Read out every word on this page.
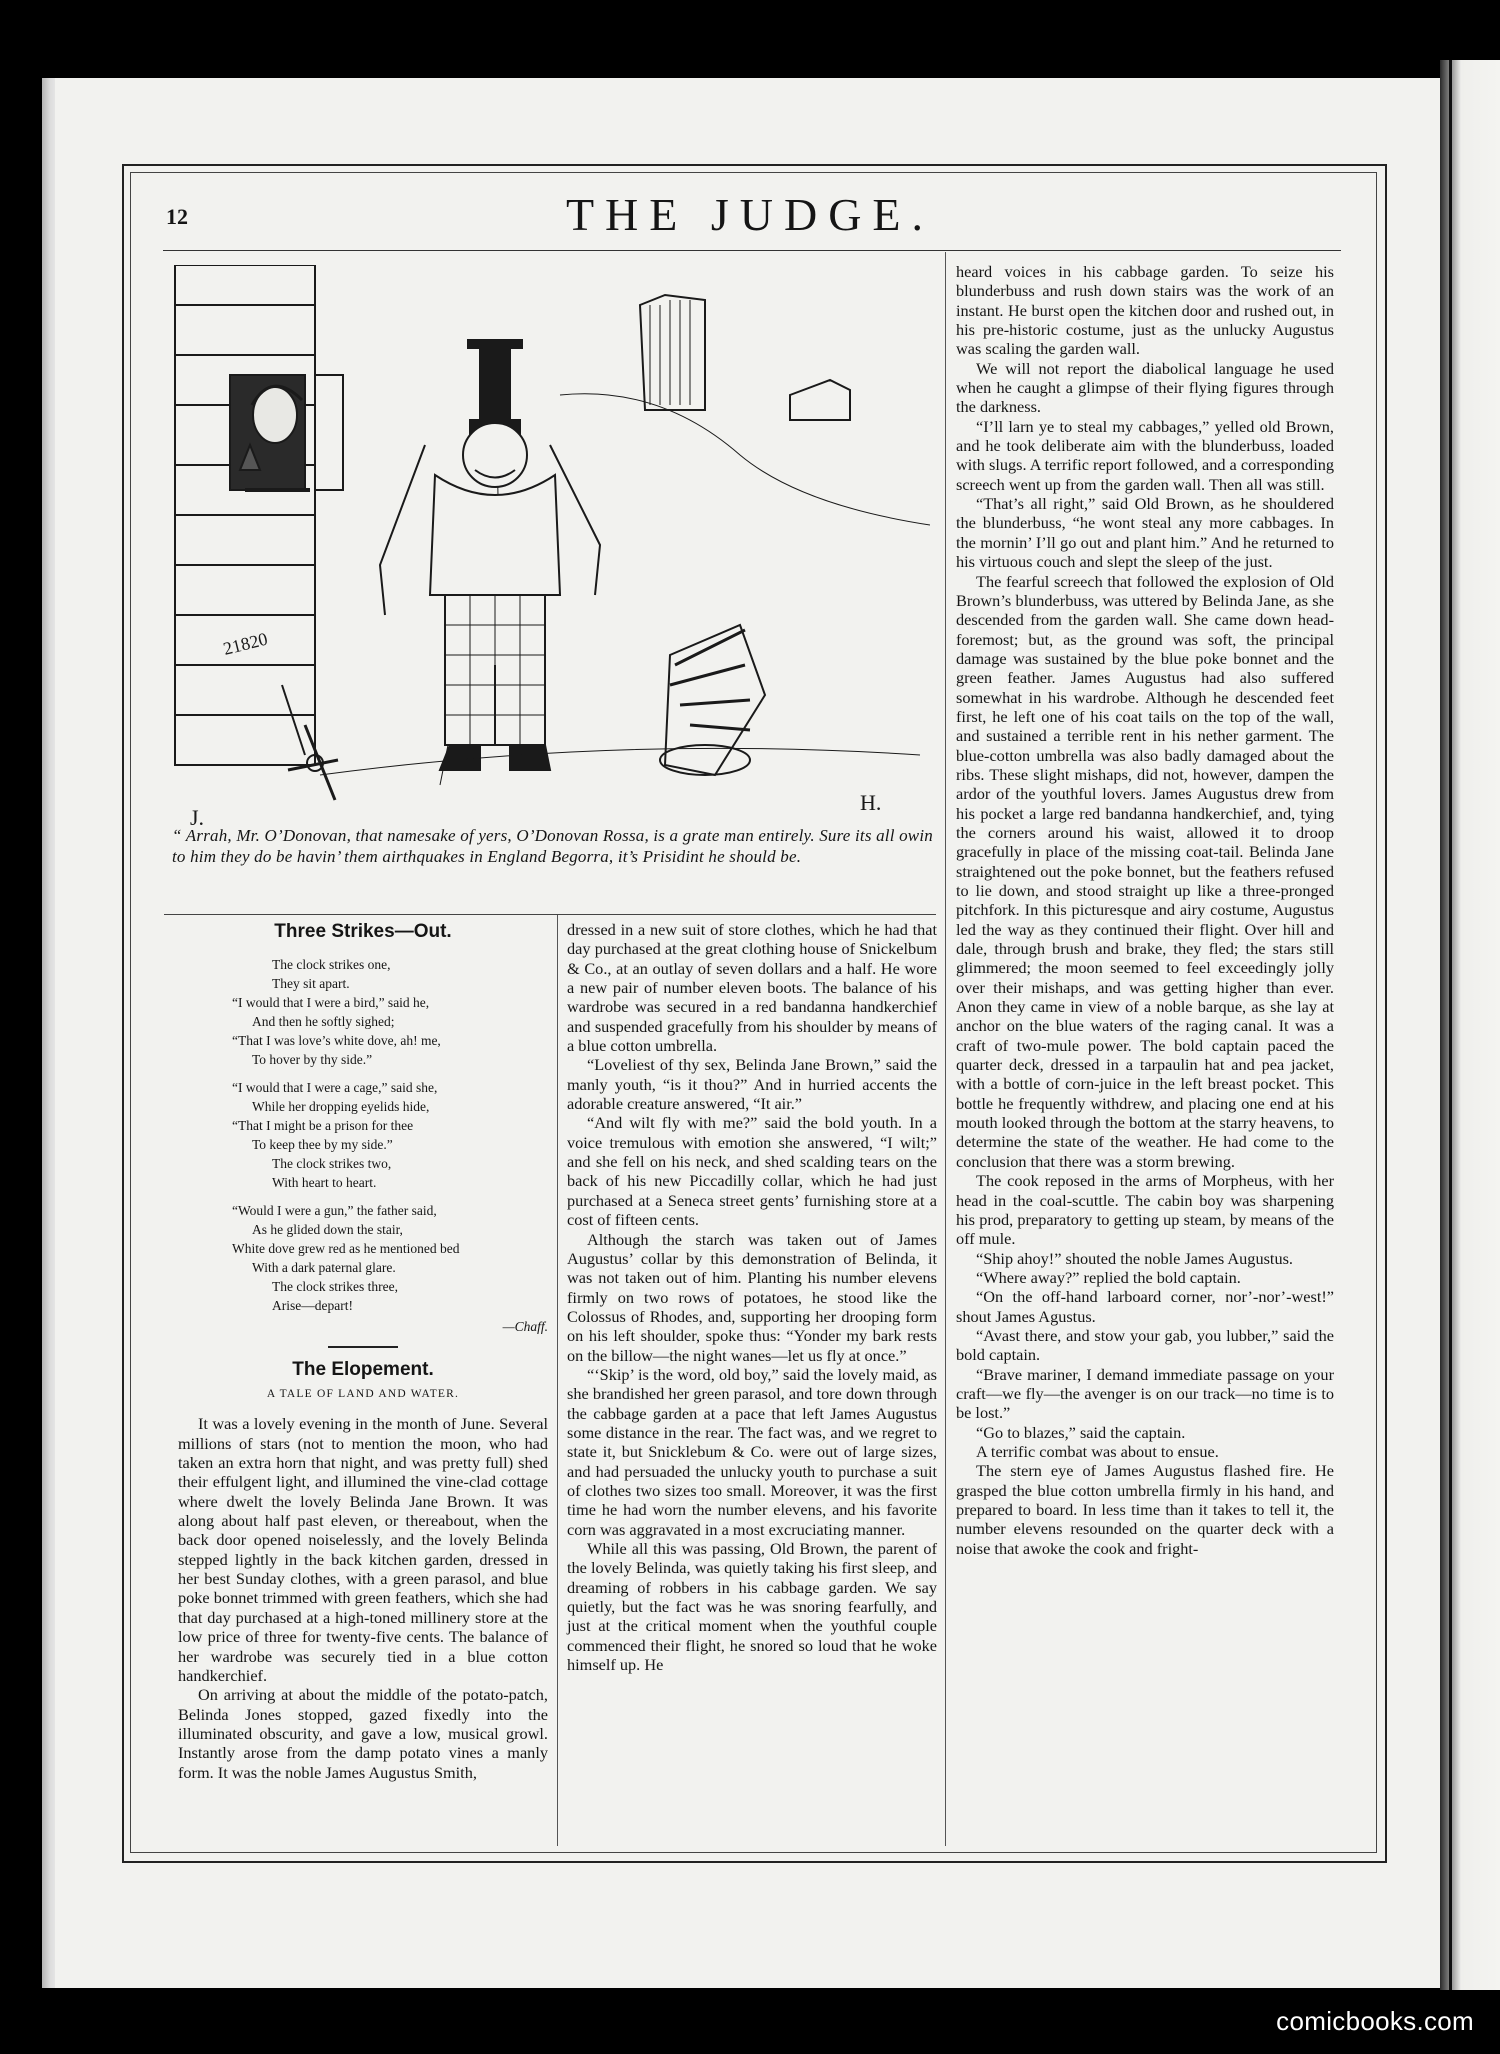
12	THE JUDGE.
21820
J.
H.
“ Arrah, Mr. O’Donovan, that namesake of yers, O’Donovan Rossa, is a grate man entirely. Sure its all owin to him they do be havin’ them airthquakes in England Begorra, it’s Prisidint he should be.
Three Strikes—Out.
The clock strikes one,
They sit apart.
“I would that I were a bird,” said he,
And then he softly sighed;
“That I was love’s white dove, ah! me,
To hover by thy side.”
“I would that I were a cage,” said she,
While her dropping eyelids hide,
“That I might be a prison for thee
To keep thee by my side.”
The clock strikes two,
With heart to heart.
“Would I were a gun,” the father said,
As he glided down the stair,
White dove grew red as he mentioned bed
With a dark paternal glare.
The clock strikes three,
Arise—depart!
—Chaff.
The Elopement.
A TALE OF LAND AND WATER.

It was a lovely evening in the month of June. Several millions of stars (not to mention the moon, who had taken an extra horn that night, and was pretty full) shed their effulgent light, and illumined the vine-clad cottage where dwelt the lovely Belinda Jane Brown. It was along about half past eleven, or thereabout, when the back door opened noiselessly, and the lovely Belinda stepped lightly in the back kitchen garden, dressed in her best Sunday clothes, with a green parasol, and blue poke bonnet trimmed with green feathers, which she had that day purchased at a high-toned millinery store at the low price of three for twenty-five cents. The balance of her wardrobe was securely tied in a blue cotton handkerchief.

On arriving at about the middle of the potato-patch, Belinda Jones stopped, gazed fixedly into the illuminated obscurity, and gave a low, musical growl. Instantly arose from the damp potato vines a manly form. It was the noble James Augustus Smith,

dressed in a new suit of store clothes, which he had that day purchased at the great clothing house of Snickelbum & Co., at an outlay of seven dollars and a half. He wore a new pair of number eleven boots. The balance of his wardrobe was secured in a red bandanna handkerchief and suspended gracefully from his shoulder by means of a blue cotton umbrella.

“Loveliest of thy sex, Belinda Jane Brown,” said the manly youth, “is it thou?” And in hurried accents the adorable creature answered, “It air.”

“And wilt fly with me?” said the bold youth. In a voice tremulous with emotion she answered, “I wilt;” and she fell on his neck, and shed scalding tears on the back of his new Piccadilly collar, which he had just purchased at a Seneca street gents’ furnishing store at a cost of fifteen cents.

Although the starch was taken out of James Augustus’ collar by this demonstration of Belinda, it was not taken out of him. Planting his number elevens firmly on two rows of potatoes, he stood like the Colossus of Rhodes, and, supporting her drooping form on his left shoulder, spoke thus: “Yonder my bark rests on the billow—the night wanes—let us fly at once.”

“‘Skip’ is the word, old boy,” said the lovely maid, as she brandished her green parasol, and tore down through the cabbage garden at a pace that left James Augustus some distance in the rear. The fact was, and we regret to state it, but Snicklebum & Co. were out of large sizes, and had persuaded the unlucky youth to purchase a suit of clothes two sizes too small. Moreover, it was the first time he had worn the number elevens, and his favorite corn was aggravated in a most excruciating manner.

While all this was passing, Old Brown, the parent of the lovely Belinda, was quietly taking his first sleep, and dreaming of robbers in his cabbage garden. We say quietly, but the fact was he was snoring fearfully, and just at the critical moment when the youthful couple commenced their flight, he snored so loud that he woke himself up. He

heard voices in his cabbage garden. To seize his blunderbuss and rush down stairs was the work of an instant. He burst open the kitchen door and rushed out, in his pre-historic costume, just as the unlucky Augustus was scaling the garden wall.

We will not report the diabolical language he used when he caught a glimpse of their flying figures through the darkness.

“I’ll larn ye to steal my cabbages,” yelled old Brown, and he took deliberate aim with the blunderbuss, loaded with slugs. A terrific report followed, and a corresponding screech went up from the garden wall. Then all was still.

“That’s all right,” said Old Brown, as he shouldered the blunderbuss, “he wont steal any more cabbages. In the mornin’ I’ll go out and plant him.” And he returned to his virtuous couch and slept the sleep of the just.

The fearful screech that followed the explosion of Old Brown’s blunderbuss, was uttered by Belinda Jane, as she descended from the garden wall. She came down head-foremost; but, as the ground was soft, the principal damage was sustained by the blue poke bonnet and the green feather. James Augustus had also suffered somewhat in his wardrobe. Although he descended feet first, he left one of his coat tails on the top of the wall, and sustained a terrible rent in his nether garment. The blue-cotton umbrella was also badly damaged about the ribs. These slight mishaps, did not, however, dampen the ardor of the youthful lovers. James Augustus drew from his pocket a large red bandanna handkerchief, and, tying the corners around his waist, allowed it to droop gracefully in place of the missing coat-tail. Belinda Jane straightened out the poke bonnet, but the feathers refused to lie down, and stood straight up like a three-pronged pitchfork. In this picturesque and airy costume, Augustus led the way as they continued their flight. Over hill and dale, through brush and brake, they fled; the stars still glimmered; the moon seemed to feel exceedingly jolly over their mishaps, and was getting higher than ever. Anon they came in view of a noble barque, as she lay at anchor on the blue waters of the raging canal. It was a craft of two-mule power. The bold captain paced the quarter deck, dressed in a tarpaulin hat and pea jacket, with a bottle of corn-juice in the left breast pocket. This bottle he frequently withdrew, and placing one end at his mouth looked through the bottom at the starry heavens, to determine the state of the weather. He had come to the conclusion that there was a storm brewing.

The cook reposed in the arms of Morpheus, with her head in the coal-scuttle. The cabin boy was sharpening his prod, preparatory to getting up steam, by means of the off mule.

“Ship ahoy!” shouted the noble James Augustus.

“Where away?” replied the bold captain.

“On the off-hand larboard corner, nor’-nor’-west!” shout James Agustus.

“Avast there, and stow your gab, you lubber,” said the bold captain.

“Brave mariner, I demand immediate passage on your craft—we fly—the avenger is on our track—no time is to be lost.”

“Go to blazes,” said the captain.

A terrific combat was about to ensue.

The stern eye of James Augustus flashed fire. He grasped the blue cotton umbrella firmly in his hand, and prepared to board. In less time than it takes to tell it, the number elevens resounded on the quarter deck with a noise that awoke the cook and fright-

comicbooks.com
